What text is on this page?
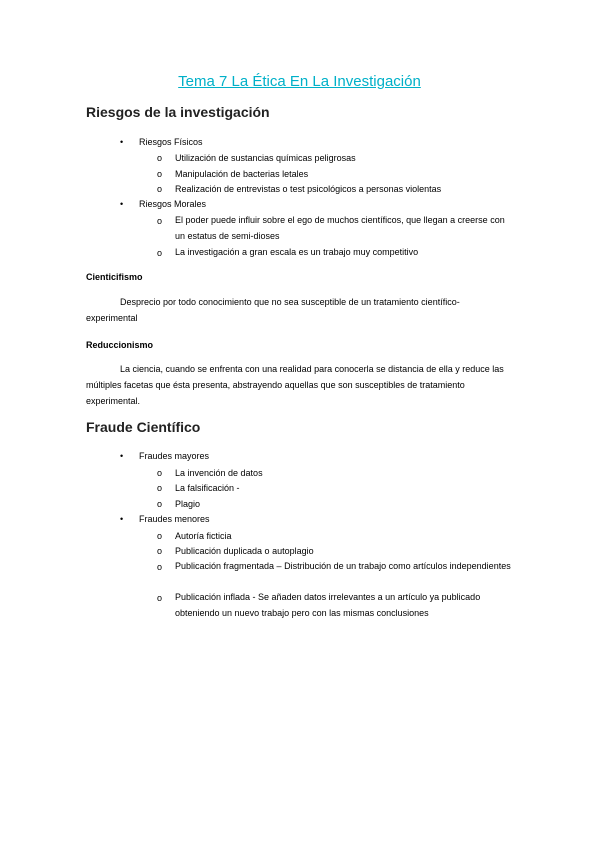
Tema 7 La Ética En La Investigación
Riesgos de la investigación
• Riesgos Físicos
o Utilización de sustancias químicas peligrosas
o Manipulación de bacterias letales
o Realización de entrevistas o test psicológicos a personas violentas
• Riesgos Morales
o El poder puede influir sobre el ego de muchos científicos, que llegan a creerse con un estatus de semi-dioses
o La investigación a gran escala es un trabajo muy competitivo
Cienticifismo
Desprecio por todo conocimiento que no sea susceptible de un tratamiento científico-experimental
Reduccionismo
La ciencia, cuando se enfrenta con una realidad para conocerla se distancia de ella y reduce las múltiples facetas que ésta presenta, abstrayendo aquellas que son susceptibles de tratamiento experimental.
Fraude Científico
• Fraudes mayores
o La invención de datos
o La falsificación -
o Plagio
• Fraudes menores
o Autoría ficticia
o Publicación duplicada o autoplagio
o Publicación fragmentada – Distribución de un trabajo como artículos independientes
o Publicación inflada - Se añaden datos irrelevantes a un artículo ya publicado obteniendo un nuevo trabajo pero con las mismas conclusiones
